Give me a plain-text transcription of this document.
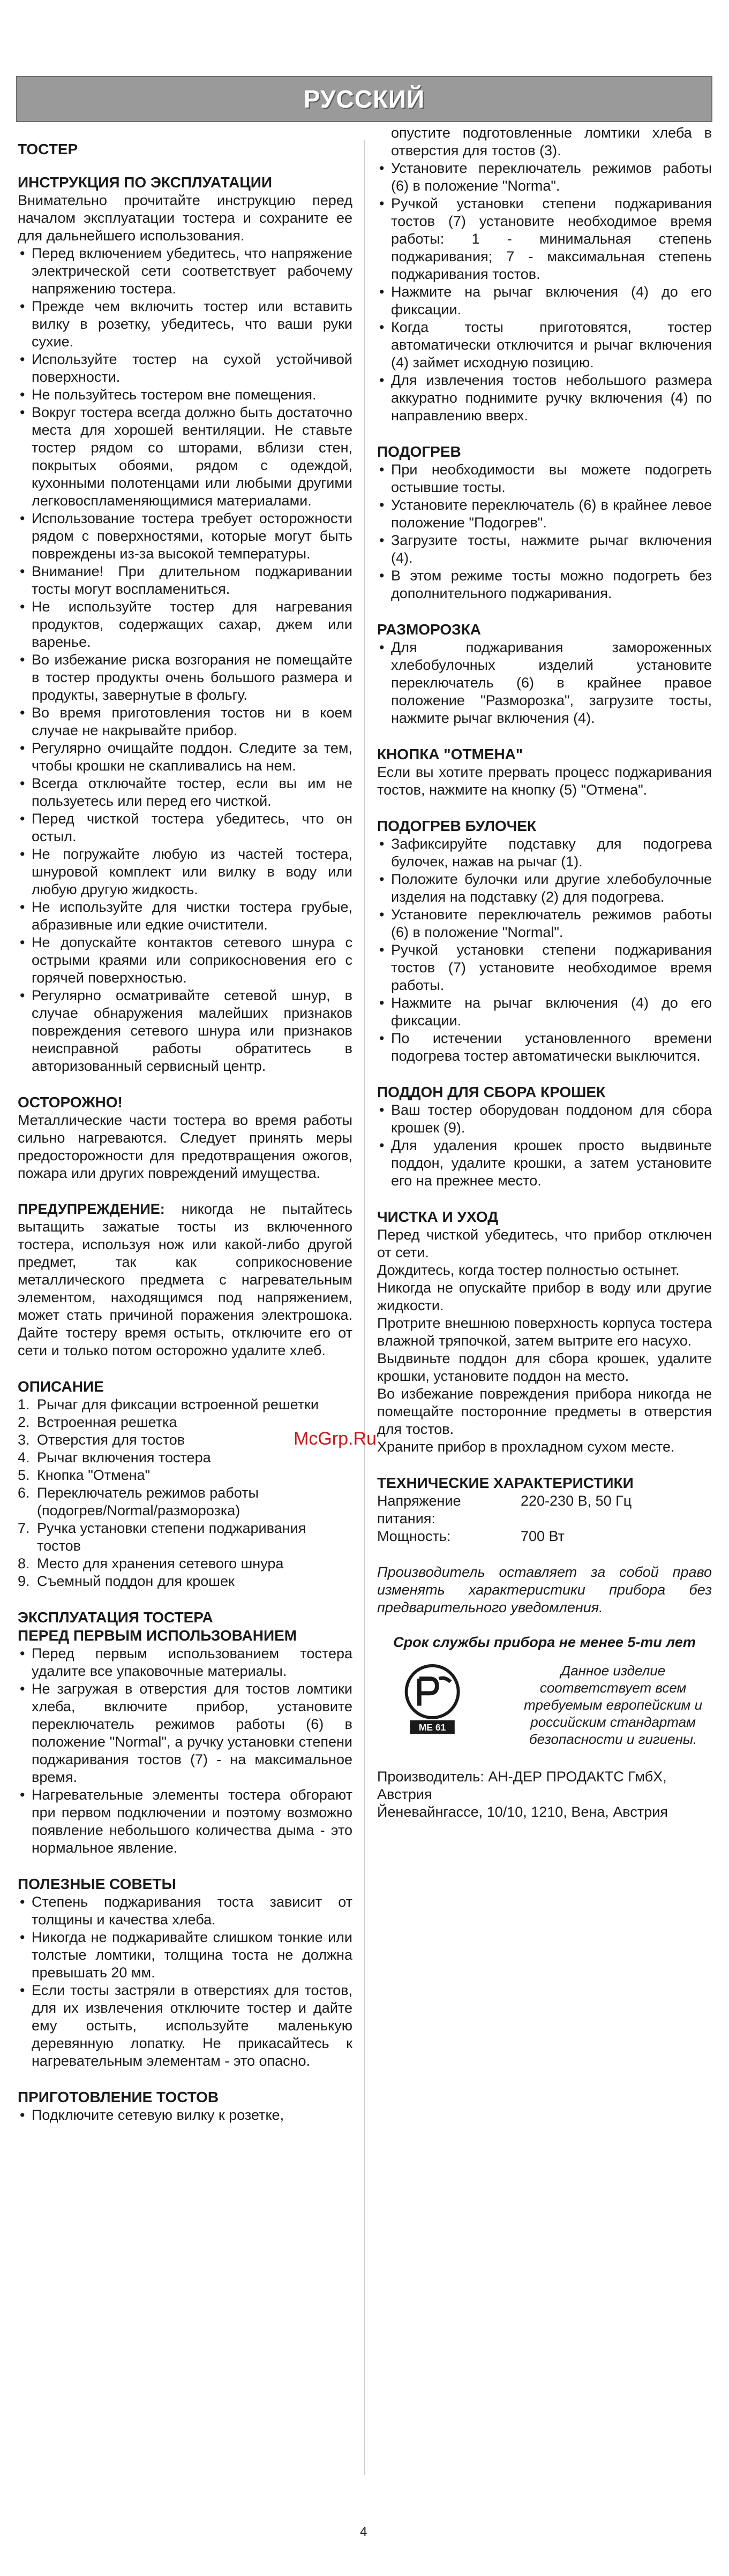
РУССКИЙ
ТОСТЕР
ИНСТРУКЦИЯ ПО ЭКСПЛУАТАЦИИ

Внимательно прочитайте инструкцию перед началом эксплуатации тостера и сохраните ее для дальнейшего использования.

• Перед включением убедитесь, что напряжение электрической сети соответствует рабочему напряжению тостера.
• Прежде чем включить тостер или вставить вилку в розетку, убедитесь, что ваши руки сухие.
• Используйте тостер на сухой устойчивой поверхности.
• Не пользуйтесь тостером вне помещения.
• Вокруг тостера всегда должно быть достаточно места для хорошей вентиляции. Не ставьте тостер рядом со шторами, вблизи стен, покрытых обоями, рядом с одеждой, кухонными полотенцами или любыми другими легковоспламеняющимися материалами.
• Использование тостера требует осторожности рядом с поверхностями, которые могут быть повреждены из-за высокой температуры.
• Внимание! При длительном поджаривании тосты могут воспламениться.
• Не используйте тостер для нагревания продуктов, содержащих сахар, джем или варенье.
• Во избежание риска возгорания не помещайте в тостер продукты очень большого размера и продукты, завернутые в фольгу.
• Во время приготовления тостов ни в коем случае не накрывайте прибор.
• Регулярно очищайте поддон. Следите за тем, чтобы крошки не скапливались на нем.
• Всегда отключайте тостер, если вы им не пользуетесь или перед его чисткой.
• Перед чисткой тостера убедитесь, что он остыл.
• Не погружайте любую из частей тостера, шнуровой комплект или вилку в воду или любую другую жидкость.
• Не используйте для чистки тостера грубые, абразивные или едкие очистители.
• Не допускайте контактов сетевого шнура с острыми краями или соприкосновения его с горячей поверхностью.
• Регулярно осматривайте сетевой шнур, в случае обнаружения малейших признаков повреждения сетевого шнура или признаков неисправной работы обратитесь в авторизованный сервисный центр.
ОСТОРОЖНО!

Металлические части тостера во время работы сильно нагреваются. Следует принять меры предосторожности для предотвращения ожогов, пожара или других повреждений имущества.

ПРЕДУПРЕЖДЕНИЕ: никогда не пытайтесь вытащить зажатые тосты из включенного тостера, используя нож или какой-либо другой предмет, так как соприкосновение металлического предмета с нагревательным элементом, находящимся под напряжением, может стать причиной поражения электрошока. Дайте тостеру время остыть, отключите его от сети и только потом осторожно удалите хлеб.

ОПИСАНИЕ
1. Рычаг для фиксации встроенной решетки
2. Встроенная решетка
3. Отверстия для тостов
4. Рычаг включения тостера
5. Кнопка "Отмена"
6. Переключатель режимов работы (подогрев/Normal/разморозка)
7. Ручка установки степени поджаривания тостов
8. Место для хранения сетевого шнура
9. Съемный поддон для крошек
ЭКСПЛУАТАЦИЯ ТОСТЕРА
ПЕРЕД ПЕРВЫМ ИСПОЛЬЗОВАНИЕМ
• Перед первым использованием тостера удалите все упаковочные материалы.
• Не загружая в отверстия для тостов ломтики хлеба, включите прибор, установите переключатель режимов работы (6) в положение "Normal", а ручку установки степени поджаривания тостов (7) - на максимальное время.
• Нагревательные элементы тостера обгорают при первом подключении и поэтому возможно появление небольшого количества дыма - это нормальное явление.
ПОЛЕЗНЫЕ СОВЕТЫ
• Степень поджаривания тоста зависит от толщины и качества хлеба.
• Никогда не поджаривайте слишком тонкие или толстые ломтики, толщина тоста не должна превышать 20 мм.
• Если тосты застряли в отверстиях для тостов, для их извлечения отключите тостер и дайте ему остыть, используйте маленькую деревянную лопатку. Не прикасайтесь к нагревательным элементам - это опасно.
ПРИГОТОВЛЕНИЕ ТОСТОВ
• Подключите сетевую вилку к розетке,

опустите подготовленные ломтики хлеба в отверстия для тостов (3).

• Установите переключатель режимов работы (6) в положение "Norma".
• Ручкой установки степени поджаривания тостов (7) установите необходимое время работы: 1 - минимальная степень поджаривания; 7 - максимальная степень поджаривания тостов.
• Нажмите на рычаг включения (4) до его фиксации.
• Когда тосты приготовятся, тостер автоматически отключится и рычаг включения (4) займет исходную позицию.
• Для извлечения тостов небольшого размера аккуратно поднимите ручку включения (4) по направлению вверх.
ПОДОГРЕВ
• При необходимости вы можете подогреть остывшие тосты.
• Установите переключатель (6) в крайнее левое положение "Подогрев".
• Загрузите тосты, нажмите рычаг включения (4).
• В этом режиме тосты можно подогреть без дополнительного поджаривания.
РАЗМОРОЗКА
• Для поджаривания замороженных хлебобулочных изделий установите переключатель (6) в крайнее правое положение "Разморозка", загрузите тосты, нажмите рычаг включения (4).
КНОПКА "ОТМЕНА"

Если вы хотите прервать процесс поджаривания тостов, нажмите на кнопку (5) "Отмена".

ПОДОГРЕВ БУЛОЧЕК
• Зафиксируйте подставку для подогрева булочек, нажав на рычаг (1).
• Положите булочки или другие хлебобулочные изделия на подставку (2) для подогрева.
• Установите переключатель режимов работы (6) в положение "Normal".
• Ручкой установки степени поджаривания тостов (7) установите необходимое время работы.
• Нажмите на рычаг включения (4) до его фиксации.
• По истечении установленного времени подогрева тостер автоматически выключится.
ПОДДОН ДЛЯ СБОРА КРОШЕК
• Ваш тостер оборудован поддоном для сбора крошек (9).
• Для удаления крошек просто выдвиньте поддон, удалите крошки, а затем установите его на прежнее место.
ЧИСТКА И УХОД

Перед чисткой убедитесь, что прибор отключен от сети.

Дождитесь, когда тостер полностью остынет.

Никогда не опускайте прибор в воду или другие жидкости.

Протрите внешнюю поверхность корпуса тостера влажной тряпочкой, затем вытрите его насухо.

Выдвиньте поддон для сбора крошек, удалите крошки, установите поддон на место.

Во избежание повреждения прибора никогда не помещайте посторонние предметы в отверстия для тостов.

Храните прибор в прохладном сухом месте.

ТЕХНИЧЕСКИЕ ХАРАКТЕРИСТИКИ
Напряжение питания:
220-230 В, 50 Гц
Мощность:	700 Вт

Производитель оставляет за собой право изменять характеристики прибора без предварительного уведомления.

Срок службы прибора не менее 5-ти лет

МЕ 61
Данное изделие соответствует всем требуемым европейским и российским стандартам безопасности и гигиены.

Производитель: АН-ДЕР ПРОДАКТС ГмбХ, Австрия

Йеневайнгассе, 10/10, 1210, Вена, Австрия

McGrp.Ru
4
